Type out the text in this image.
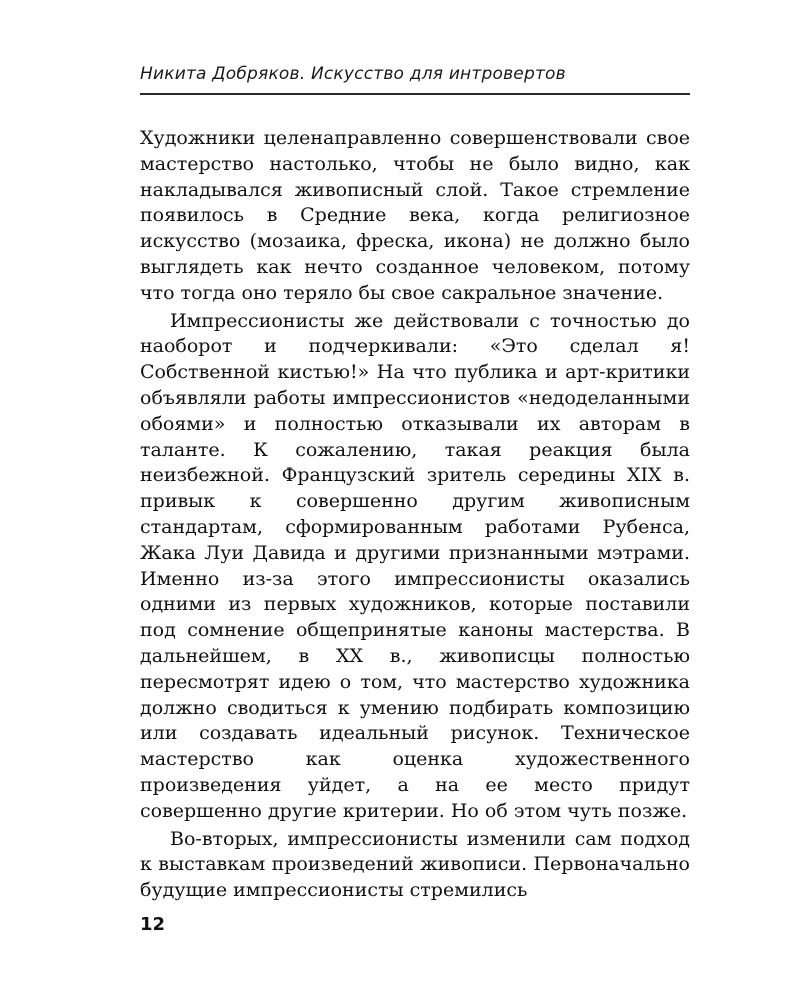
Никита Добряков. Искусство для интровертов

Художники целенаправленно совершенствовали свое мастерство настолько, чтобы не было видно, как накладывался живописный слой. Такое стремление появилось в Средние века, когда религиозное искусство (мозаика, фреска, икона) не должно было выглядеть как нечто созданное человеком, потому что тогда оно теряло бы свое сакральное значение.

Импрессионисты же действовали с точностью до наоборот и подчеркивали: «Это сделал я! Собственной кистью!» На что публика и арт-критики объявляли работы импрессионистов «недоделанными обоями» и полностью отказывали их авторам в таланте. К сожалению, такая реакция была неизбежной. Французский зритель середины XIX в. привык к совершенно другим живописным стандартам, сформированным работами Рубенса, Жака Луи Давида и другими признанными мэтрами. Именно из-за этого импрессионисты оказались одними из первых художников, которые поставили под сомнение общепринятые каноны мастерства. В дальнейшем, в XX в., живописцы полностью пересмотрят идею о том, что мастерство художника должно сводиться к умению подбирать композицию или создавать идеальный рисунок. Техническое мастерство как оценка художественного произведения уйдет, а на ее место придут совершенно другие критерии. Но об этом чуть позже.

Во-вторых, импрессионисты изменили сам подход к выставкам произведений живописи. Первоначально будущие импрессионисты стремились

12
